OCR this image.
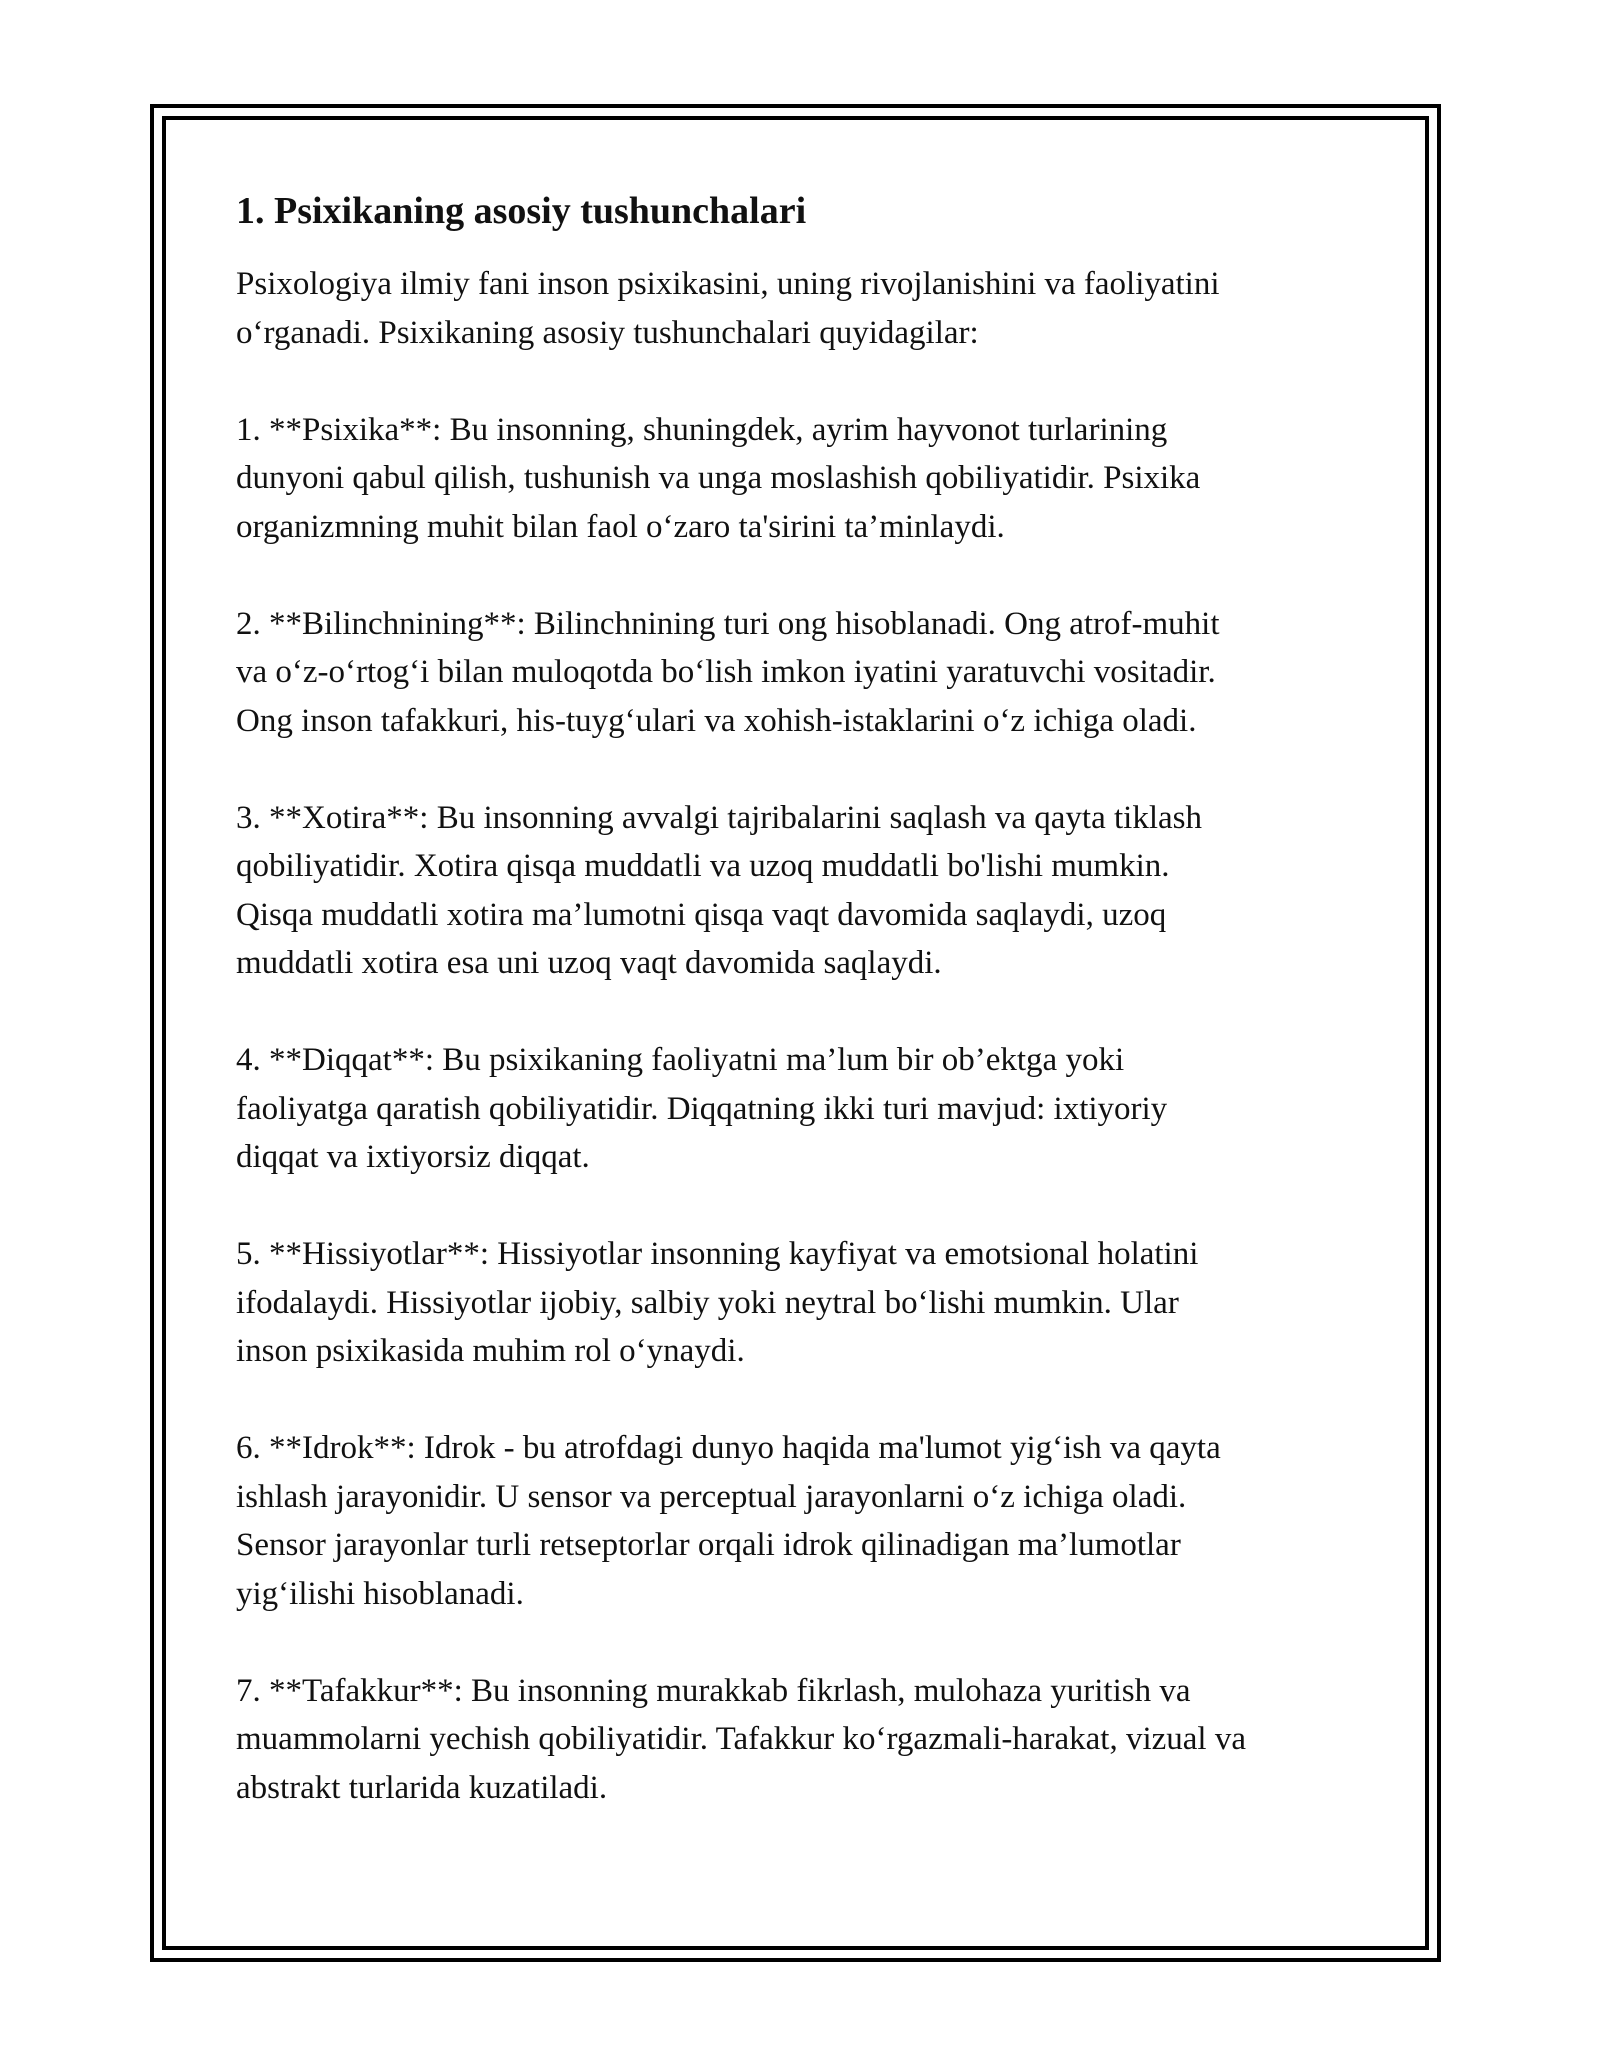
1. Psixikaning asosiy tushunchalari

Psixologiya ilmiy fani inson psixikasini, uning rivojlanishini va faoliyatini
o‘rganadi. Psixikaning asosiy tushunchalari quyidagilar:

1. **Psixika**: Bu insonning, shuningdek, ayrim hayvonot turlarining
dunyoni qabul qilish, tushunish va unga moslashish qobiliyatidir. Psixika
organizmning muhit bilan faol o‘zaro ta'sirini ta’minlaydi.

2. **Bilinchnining**: Bilinchnining turi ong hisoblanadi. Ong atrof-muhit
va o‘z-o‘rtog‘i bilan muloqotda bo‘lish imkon iyatini yaratuvchi vositadir.
Ong inson tafakkuri, his-tuyg‘ulari va xohish-istaklarini o‘z ichiga oladi.

3. **Xotira**: Bu insonning avvalgi tajribalarini saqlash va qayta tiklash
qobiliyatidir. Xotira qisqa muddatli va uzoq muddatli bo'lishi mumkin.
Qisqa muddatli xotira ma’lumotni qisqa vaqt davomida saqlaydi, uzoq
muddatli xotira esa uni uzoq vaqt davomida saqlaydi.

4. **Diqqat**: Bu psixikaning faoliyatni ma’lum bir ob’ektga yoki
faoliyatga qaratish qobiliyatidir. Diqqatning ikki turi mavjud: ixtiyoriy
diqqat va ixtiyorsiz diqqat.

5. **Hissiyotlar**: Hissiyotlar insonning kayfiyat va emotsional holatini
ifodalaydi. Hissiyotlar ijobiy, salbiy yoki neytral bo‘lishi mumkin. Ular
inson psixikasida muhim rol o‘ynaydi.

6. **Idrok**: Idrok - bu atrofdagi dunyo haqida ma'lumot yig‘ish va qayta
ishlash jarayonidir. U sensor va perceptual jarayonlarni o‘z ichiga oladi.
Sensor jarayonlar turli retseptorlar orqali idrok qilinadigan ma’lumotlar
yig‘ilishi hisoblanadi.

7. **Tafakkur**: Bu insonning murakkab fikrlash, mulohaza yuritish va
muammolarni yechish qobiliyatidir. Tafakkur ko‘rgazmali-harakat, vizual va
abstrakt turlarida kuzatiladi.
